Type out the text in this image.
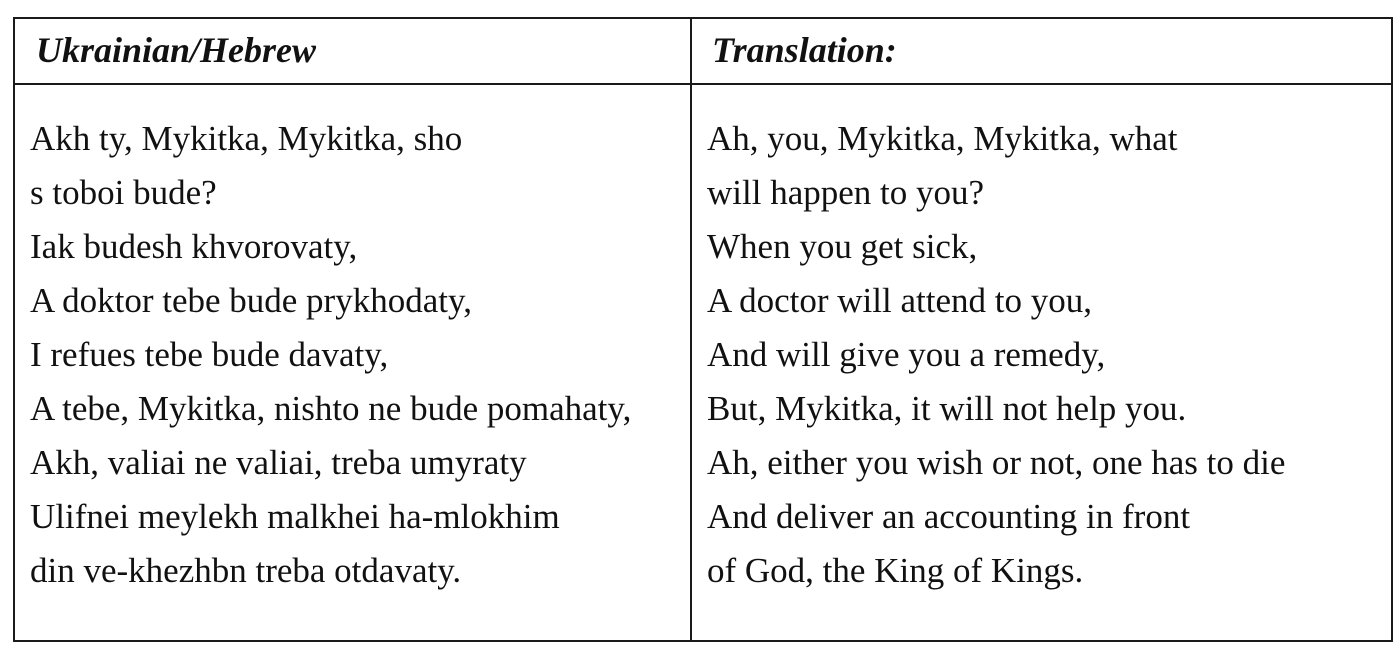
Ukrainian/Hebrew	Translation:
Akh ty, Mykitka, Mykitka, sho
s toboi bude?
Iak budesh khvorovaty,
A doktor tebe bude prykhodaty,
I refues tebe bude davaty,
A tebe, Mykitka, nishto ne bude pomahaty,
Akh, valiai ne valiai, treba umyraty
Ulifnei meylekh malkhei ha-mlokhim
din ve-khezhbn treba otdavaty.
Ah, you, Mykitka, Mykitka, what
will happen to you?
When you get sick,
A doctor will attend to you,
And will give you a remedy,
But, Mykitka, it will not help you.
Ah, either you wish or not, one has to die
And deliver an accounting in front
of God, the King of Kings.
